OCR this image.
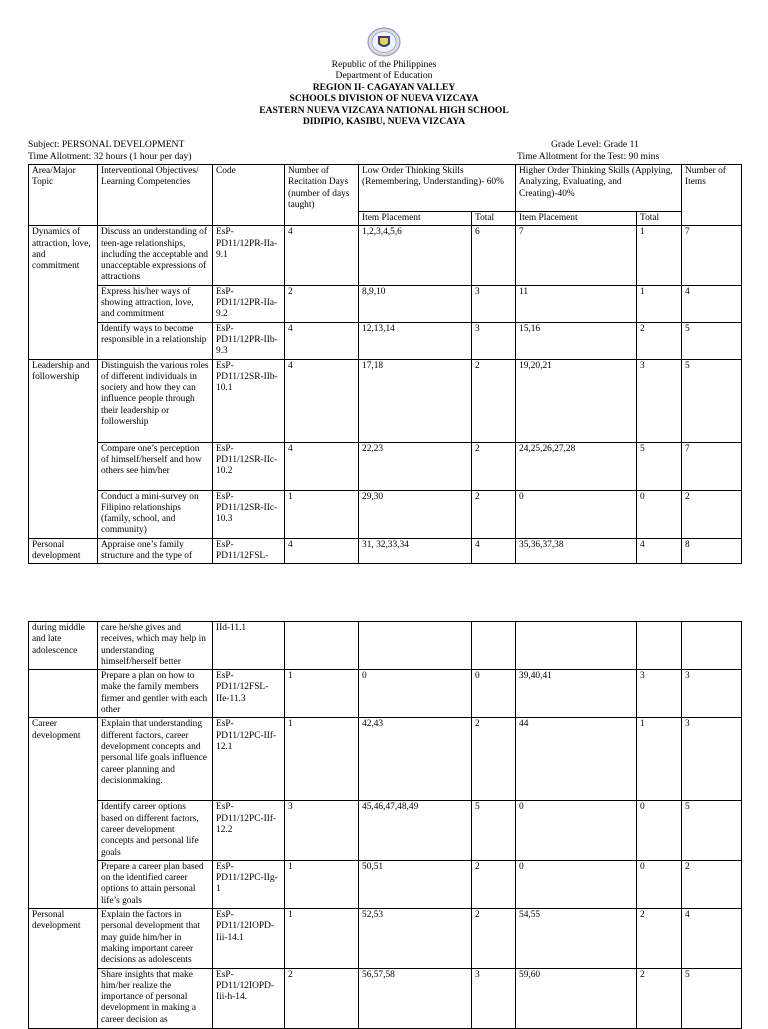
Republic of the Philippines
Department of Education
REGION II- CAGAYAN VALLEY
SCHOOLS DIVISION OF NUEVA VIZCAYA
EASTERN NUEVA VIZCAYA NATIONAL HIGH SCHOOL
DIDIPIO, KASIBU, NUEVA VIZCAYA
Subject: PERSONAL DEVELOPMENT
Time Allotment: 32 hours (1 hour per day)
Grade Level: Grade 11
Time Allotment for the Test: 90 mins
Area/Major Topic	Interventional Objectives/ Learning Competencies	Code	Number of Recitation Days (number of days taught)	Low Order Thinking Skills (Remembering, Understanding)- 60%		Higher Order Thinking Skills (Applying, Analyzing, Evaluating, and Creating)-40%		Number of Items
				Item Placement	Total	Item Placement	Total	
Dynamics of attraction, love, and commitment	Discuss an understanding of teen-age relationships, including the acceptable and unacceptable expressions of attractions	EsP-PD11/12PR-IIa-9.1	4	1,2,3,4,5,6	6	7	1	7
	Express his/her ways of showing attraction, love, and commitment	EsP-PD11/12PR-IIa-9.2	2	8,9,10	3	11	1	4
	Identify ways to become responsible in a relationship	EsP-PD11/12PR-IIb-9.3	4	12,13,14	3	15,16	2	5
Leadership and followership	Distinguish the various roles of different individuals in society and how they can influence people through their leadership or followership	EsP-PD11/12SR-IIb-10.1	4	17,18	2	19,20,21	3	5
	Compare one’s perception of himself/herself and how others see him/her	EsP-PD11/12SR-IIc-10.2	4	22,23	2	24,25,26,27,28	5	7
	Conduct a mini-survey on Filipino relationships (family, school, and community)	EsP-PD11/12SR-IIc-10.3	1	29,30	2	0	0	2
Personal development	Appraise one’s family structure and the type of	EsP-PD11/12FSL-	4	31, 32,33,34	4	35,36,37,38	4	8
during middle and late adolescence	care he/she gives and receives, which may help in understanding himself/herself better	IId-11.1						
	Prepare a plan on how to make the family members firmer and gentler with each other	EsP-PD11/12FSL-IIe-11.3	1	0	0	39,40,41	3	3
Career development	Explain that understanding different factors, career development concepts and personal life goals influence career planning and decisionmaking.	EsP-PD11/12PC-IIf-12.1	1	42,43	2	44	1	3
	Identify career options based on different factors, career development concepts and personal life goals	EsP-PD11/12PC-IIf-12.2	3	45,46,47,48,49	5	0	0	5
	Prepare a career plan based on the identified career options to attain personal life’s goals	EsP-PD11/12PC-IIg-1	1	50,51	2	0	0	2
Personal development	Explain the factors in personal development that may guide him/her in making important career decisions as adolescents	EsP-PD11/12IOPD-Iii-14.1	1	52,53	2	54,55	2	4
	Share insights that make him/her realize the importance of personal development in making a career decision as	EsP-PD11/12IOPD-Iii-h-14.	2	56,57,58	3	59,60	2	5
